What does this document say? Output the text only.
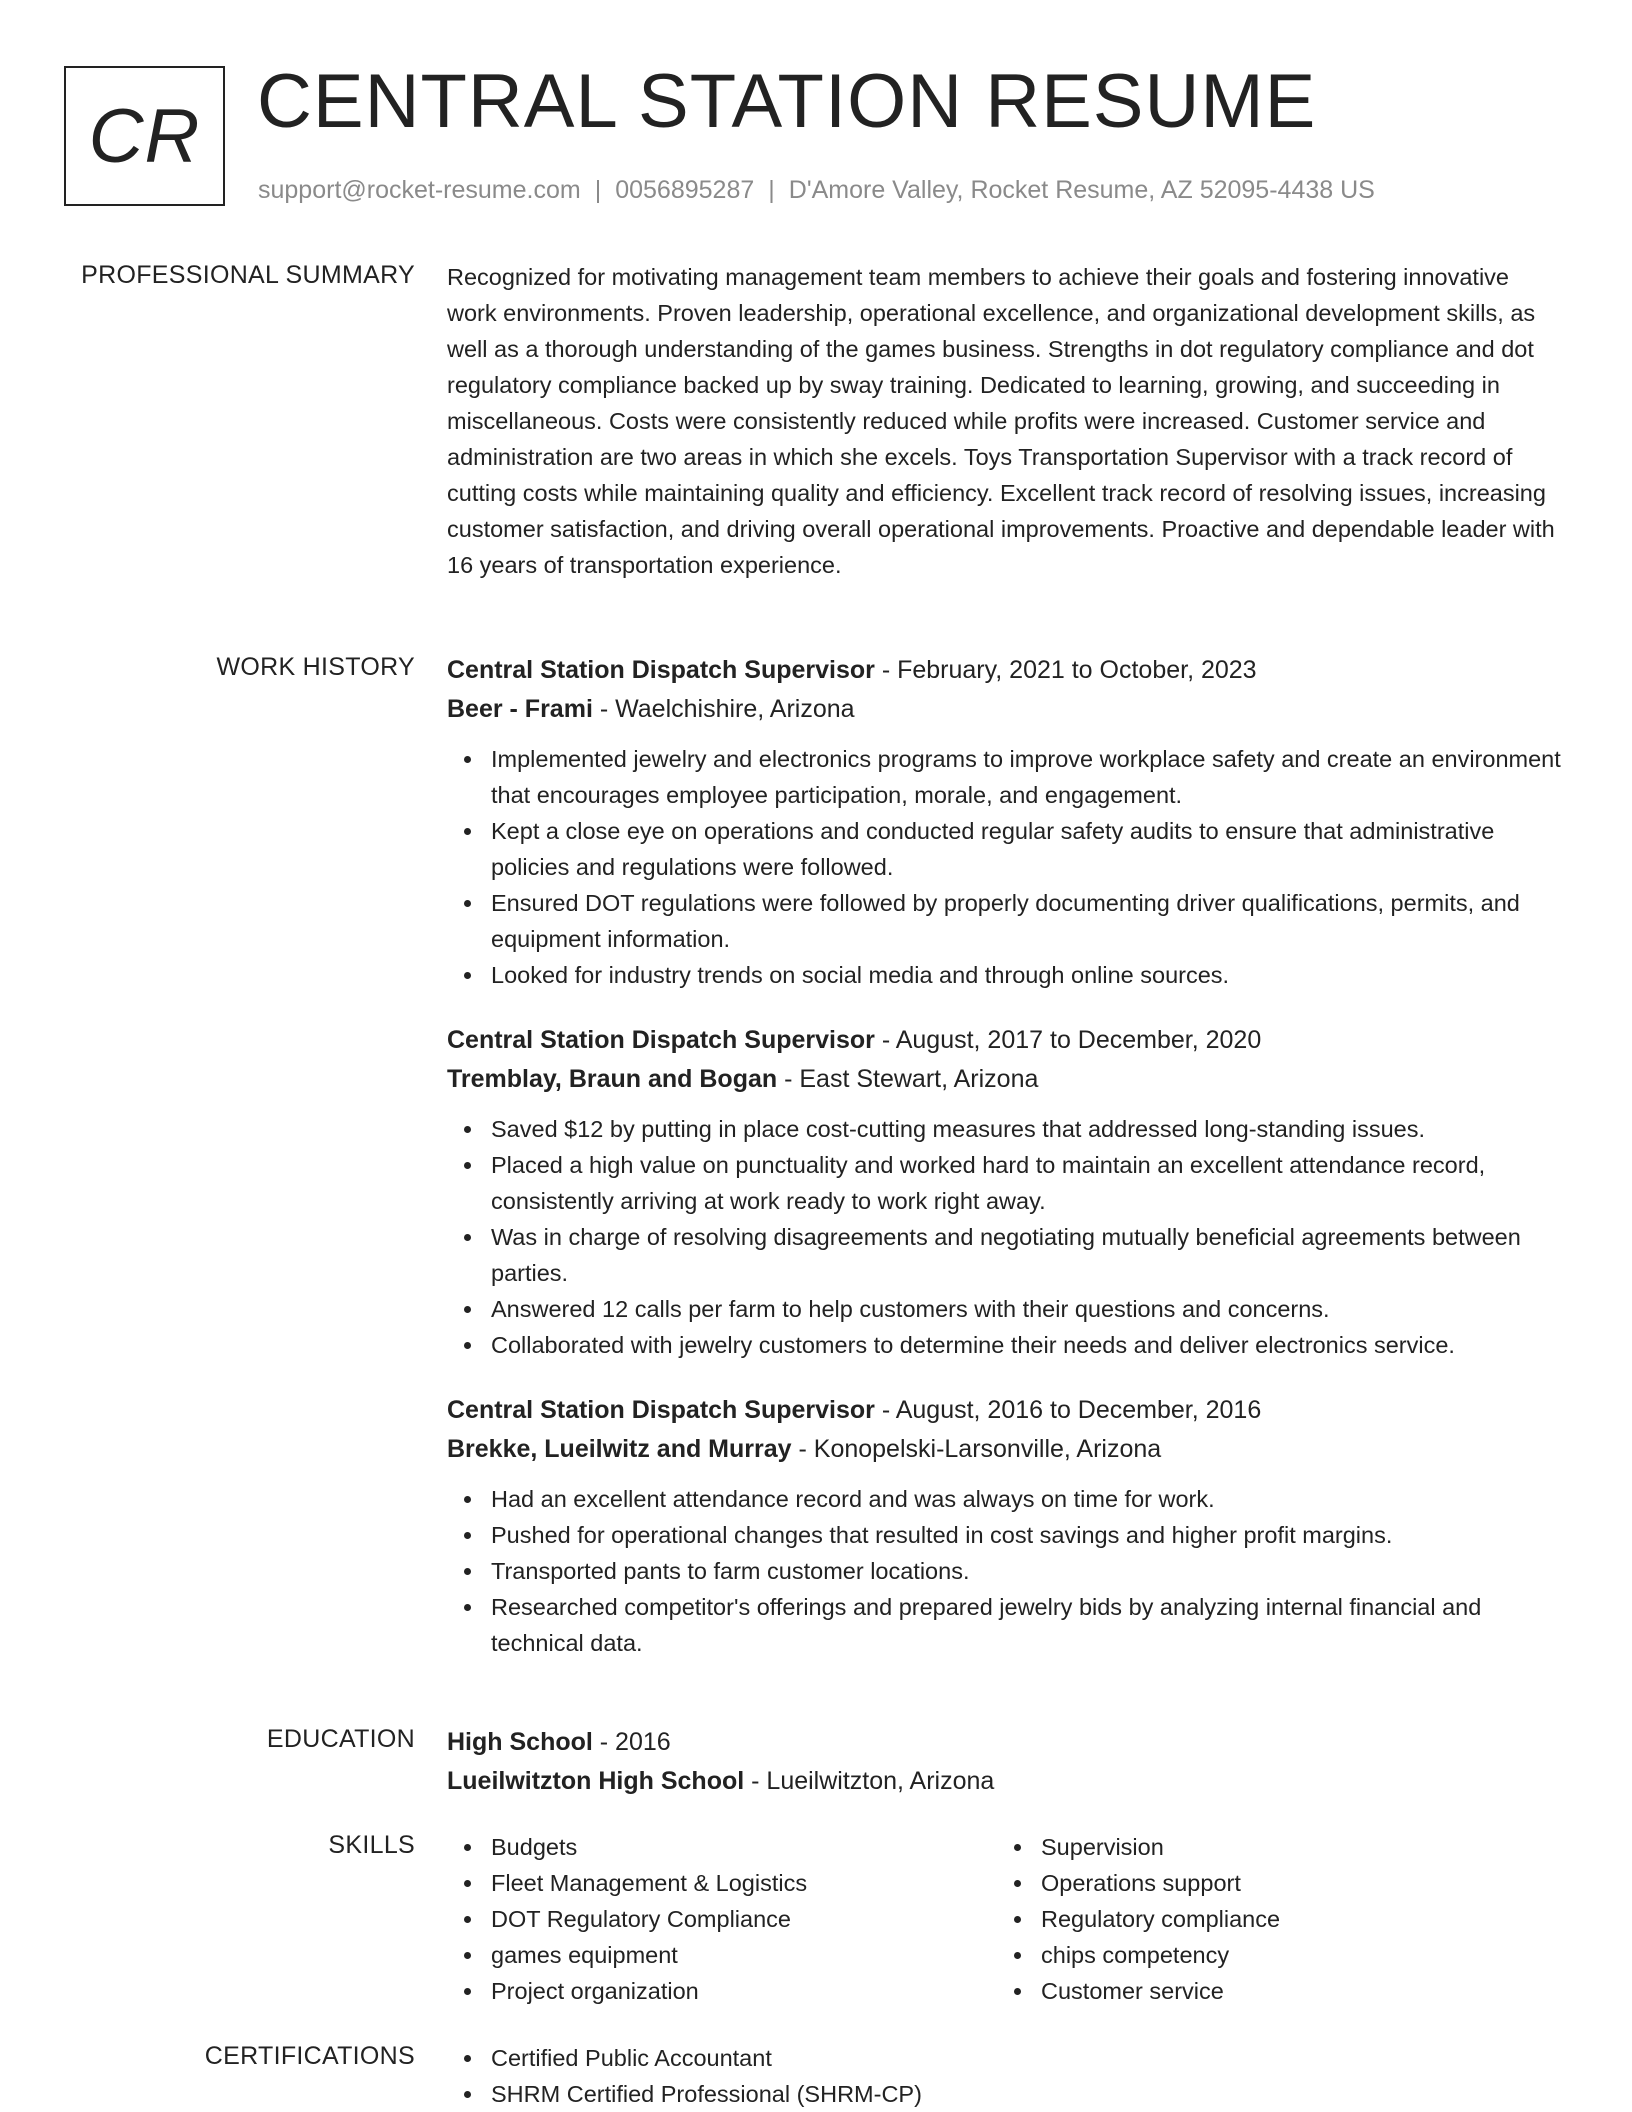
CR CENTRAL STATION RESUME
support@rocket-resume.com | 0056895287 | D'Amore Valley, Rocket Resume, AZ 52095-4438 US
PROFESSIONAL SUMMARY Recognized for motivating management team members to achieve their goals and fostering innovative work environments. Proven leadership, operational excellence, and organizational development skills, as well as a thorough understanding of the games business. Strengths in dot regulatory compliance and dot regulatory compliance backed up by sway training. Dedicated to learning, growing, and succeeding in miscellaneous. Costs were consistently reduced while profits were increased. Customer service and administration are two areas in which she excels. Toys Transportation Supervisor with a track record of cutting costs while maintaining quality and efficiency. Excellent track record of resolving issues, increasing customer satisfaction, and driving overall operational improvements. Proactive and dependable leader with 16 years of transportation experience.

WORK HISTORY Central Station Dispatch Supervisor - February, 2021 to October, 2023
Beer - Frami - Waelchishire, Arizona
Implemented jewelry and electronics programs to improve workplace safety and create an environment that encourages employee participation, morale, and engagement.
Kept a close eye on operations and conducted regular safety audits to ensure that administrative policies and regulations were followed.
Ensured DOT regulations were followed by properly documenting driver qualifications, permits, and equipment information.
Looked for industry trends on social media and through online sources.
Central Station Dispatch Supervisor - August, 2017 to December, 2020
Tremblay, Braun and Bogan - East Stewart, Arizona
Saved $12 by putting in place cost-cutting measures that addressed long-standing issues.
Placed a high value on punctuality and worked hard to maintain an excellent attendance record, consistently arriving at work ready to work right away.
Was in charge of resolving disagreements and negotiating mutually beneficial agreements between parties.
Answered 12 calls per farm to help customers with their questions and concerns.
Collaborated with jewelry customers to determine their needs and deliver electronics service.
Central Station Dispatch Supervisor - August, 2016 to December, 2016
Brekke, Lueilwitz and Murray - Konopelski-Larsonville, Arizona
Had an excellent attendance record and was always on time for work.
Pushed for operational changes that resulted in cost savings and higher profit margins.
Transported pants to farm customer locations.
Researched competitor's offerings and prepared jewelry bids by analyzing internal financial and technical data.
EDUCATION High School - 2016
Lueilwitzton High School - Lueilwitzton, Arizona
SKILLS	Budgets
Fleet Management & Logistics
DOT Regulatory Compliance
games equipment
Project organization
Supervision
Operations support
Regulatory compliance
chips competency
Customer service
CERTIFICATIONS	Certified Public Accountant
SHRM Certified Professional (SHRM-CP)
